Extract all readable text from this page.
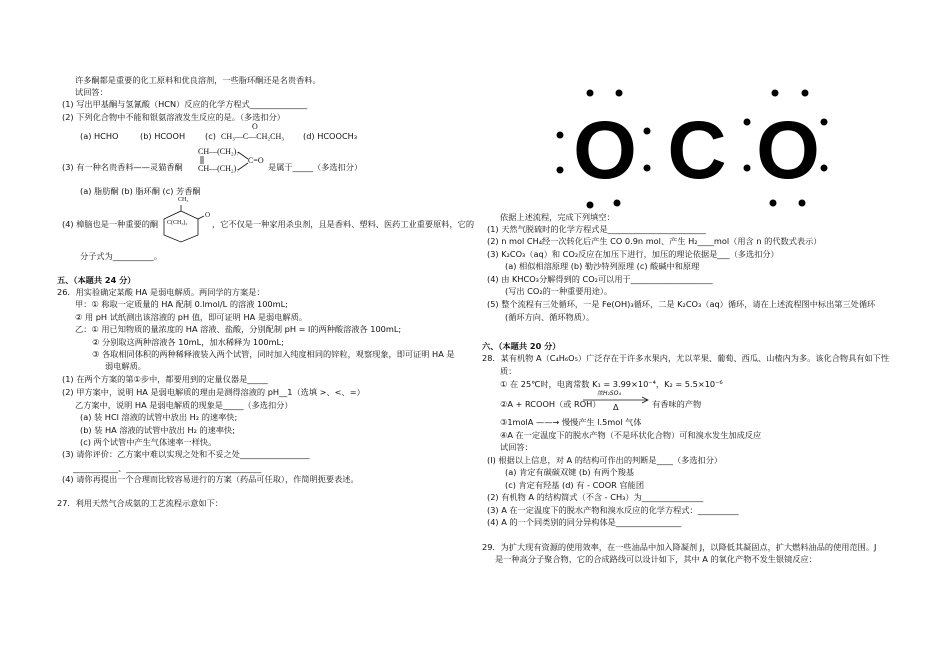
许多酮都是重要的化工原料和优良溶剂，一些脂环酮还是名贵香料。
试回答：
(1) 写出甲基酮与氢氰酸（HCN）反应的化学方程式______________
(2) 下列化合物中不能和银氨溶液发生反应的是。（多选扣分）
(a) HCHO	(b) HCOOH (c) CH₃—C—CH₂CH₃
O
(d) HCOOCH₃
(3) 有一种名贵香料——灵猫香酮
CH—(CH₂)₇
CH—(CH₂)₇
C=O
是属于_____（多选扣分）
(a) 脂肪酮 (b) 脂环酮 (c) 芳香酮
CH₃
C(CH₃)₂
O
(4) 樟脑也是一种重要的酮	，它不仅是一种家用杀虫剂，且是香料、塑料、医药工业重要原料，它的
分子式为__________。
五、（本题共 24 分）
26．用实验确定某酸 HA 是弱电解质。两同学的方案是：
甲：① 称取一定质量的 HA 配制 0.lmol/L 的溶液 100mL;
② 用 pH 试纸测出该溶液的 pH 值，即可证明 HA 是弱电解质。
乙：① 用已知物质的量浓度的 HA 溶液、盐酸，分别配制 pH = l的两种酸溶液各 100mL;
② 分别取这两种溶液各 10mL，加水稀释为 100mL;
③ 各取相同体积的两种稀释液装入两个试管，同时加入纯度相同的锌粒，观察现象，即可证明 HA 是
弱电解质。
(1) 在两个方案的第①步中，都要用到的定量仪器是_____
(2) 甲方案中，说明 HA 是弱电解质的理由是测得溶液的 pH__1（选填 >、<、=）
乙方案中，说明 HA 是弱电解质的现象是_____（多选扣分）
(a) 装 HCl 溶液的试管中放出 H₂ 的速率快;
(b) 装 HA 溶液的试管中放出 H₂ 的速率快;
(c) 两个试管中产生气体速率一样快。
(3) 请你评价：乙方案中难以实现之处和不妥之处_________________
___________、_________________________________
(4) 请你再提出一个合理而比较容易进行的方案（药品可任取），作简明扼要表述。
27．利用天然气合成氨的工艺流程示意如下：
O C O
依据上述流程，完成下列填空：
(1) 天然气脱硫时的化学方程式是________________________
(2) n mol CH₄经一次转化后产生 CO 0.9n mol、产生 H₂____mol（用含 n 的代数式表示）
(3) K₂CO₃（aq）和 CO₂反应在加压下进行，加压的理论依据是___（多选扣分）
(a) 相似相溶原理 (b) 勒沙特列原理 (c) 酸碱中和原理
(4) 由 KHCO₃分解得到的 CO₂可以用于____________________
(写出 CO₂的一种重要用途）。
(5) 整个流程有三处循环，一是 Fe(OH)₃循环，二是 K₂CO₃（aq）循环，请在上述流程图中标出第三处循环
(循环方向、循环物质）。
六、（本题共 20 分）
28．某有机物 A（C₄H₆O₅）广泛存在于许多水果内，尤以苹果、葡萄、西瓜、山楂内为多。该化合物具有如下性
质：
① 在 25℃时，电离常数 K₁ = 3.99×10⁻⁴，K₂ = 5.5×10⁻⁶
②A + RCOOH（或 ROH）
浓H₂SO₄
Δ	有香味的产物
③1molA ——→ 慢慢产生 l.5mol 气体
④A 在一定温度下的脱水产物（不是环状化合物）可和溴水发生加成反应
试回答：
(I) 根据以上信息，对 A 的结构可作出的判断是____（多选扣分）
(a) 肯定有碳碳双键 (b) 有两个羧基
(c) 肯定有羟基 (d) 有 - COOR 官能团
(2) 有机物 A 的结构简式（不含 - CH₃）为_______________
(3) A 在一定温度下的脱水产物和溴水反应的化学方程式：__________
(4) A 的一个同类别的同分异构体是________________
29．为扩大现有资源的使用效率，在一些油品中加入降凝剂 J，以降低其凝固点，扩大燃料油品的使用范围。J
是一种高分子聚合物，它的合成路线可以设计如下，其中 A 的氧化产物不发生银镜反应：
